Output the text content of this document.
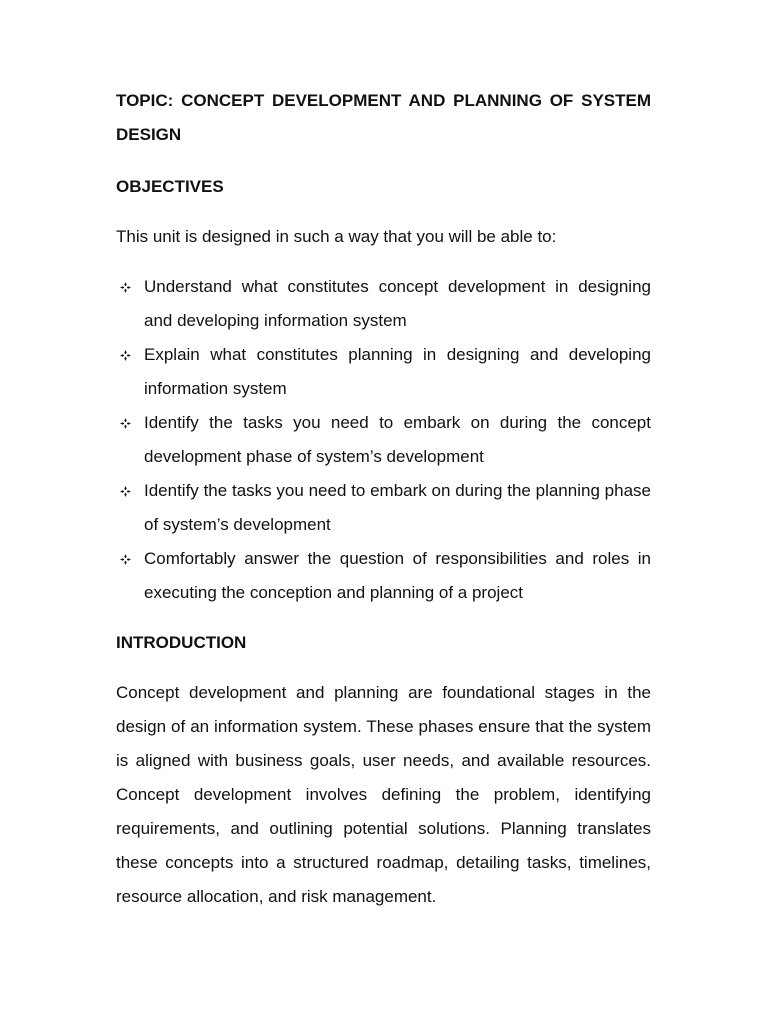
TOPIC: CONCEPT DEVELOPMENT AND PLANNING OF SYSTEM DESIGN

OBJECTIVES

This unit is designed in such a way that you will be able to:

Understand what constitutes concept development in designing and developing information system
Explain what constitutes planning in designing and developing information system
Identify the tasks you need to embark on during the concept development phase of system’s development
Identify the tasks you need to embark on during the planning phase of system’s development
Comfortably answer the question of responsibilities and roles in executing the conception and planning of a project

INTRODUCTION

Concept development and planning are foundational stages in the design of an information system. These phases ensure that the system is aligned with business goals, user needs, and available resources. Concept development involves defining the problem, identifying requirements, and outlining potential solutions. Planning translates these concepts into a structured roadmap, detailing tasks, timelines, resource allocation, and risk management.
